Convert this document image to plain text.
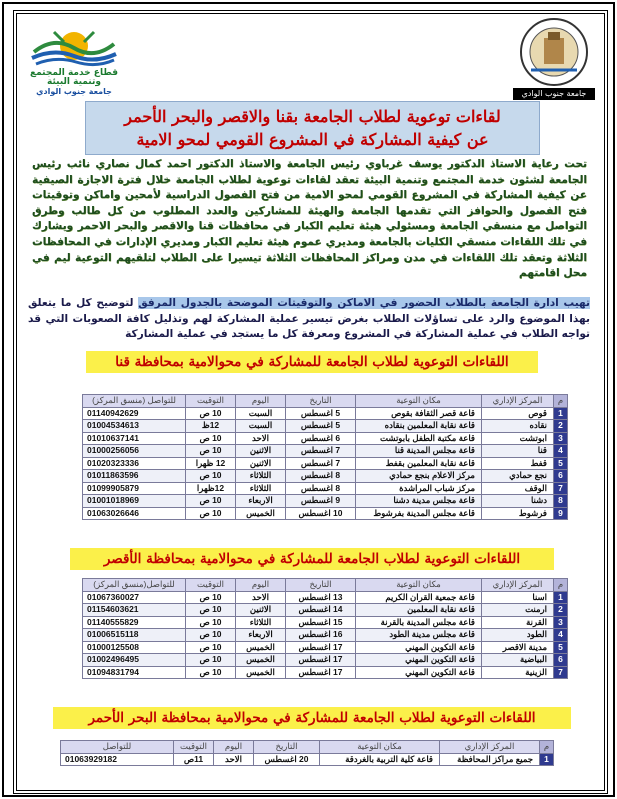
قطاع خدمة المجتمع
وتنمية البيئة
جامعة جنوب الوادي	جامعة جنوب الوادي
لقاءات توعوية لطلاب الجامعة بقنا والاقصر والبحر الأحمر
عن كيفية المشاركة في المشروع القومي لمحو الامية
تحت رعاية الاستاذ الدكتور يوسف غرباوي رئيس الجامعة والاستاذ الدكتور احمد كمال نصاري نائب رئيس الجامعة لشئون خدمة المجتمع وتنمية البيئة تعقد لقاءات توعوية لطلاب الجامعة خلال فترة الاجازة الصيفية عن كيفية المشاركة في المشروع القومي لمحو الامية من فتح الفصول الدراسية لأمحين واماكن وتوقيتات فتح الفصول والحوافز التي تقدمها الجامعة والهيئة للمشاركين والعدد المطلوب من كل طالب وطرق التواصل مع منسقي الجامعة ومسئولي هيئة تعليم الكبار في محافظات قنا والاقصر والبحر الاحمر ويشارك في تلك اللقاءات منسقي الكليات بالجامعة ومديري عموم هيئة تعليم الكبار ومديري الإدارات في المحافظات الثلاثة وتعقد تلك اللقاءات في مدن ومراكز المحافظات الثلاثة تيسيرا على الطلاب لتلقيهم التوعية ليم في محل اقامتهم
تهيب ادارة الجامعة بالطلاب الحضور في الاماكن والتوقيتات الموضحة بالجدول المرفق لتوضيح كل ما يتعلق بهذا الموضوع والرد على تساؤلات الطلاب بغرض تيسير عملية المشاركة لهم وتذليل كافة الصعوبات التي قد تواجه الطلاب في عملية المشاركة في المشروع ومعرفة كل ما يستجد في عملية المشاركة
اللقاءات التوعوية لطلاب الجامعة للمشاركة في محوالامية بمحافظة قنا
م	المركز الإداري	مكان التوعية	التاريخ	اليوم	التوقيت	للتواصل (منسق المركز)
1	قوص	قاعة قصر الثقافة بقوص	5 اغسطس	السبت	10 ص	01140942629
2	نقاده	قاعة نقابة المعلمين بنقاده	5 اغسطس	السبت	12ظ	01004534613
3	ابوتشت	قاعة مكتبة الطفل بابوتشت	6 اغسطس	الاحد	10 ص	01010637141
4	قنا	قاعة مجلس المدينة قنا	7 اغسطس	الاثنين	10 ص	01000256056
5	قفط	قاعة نقابة المعلمين بقفط	7 اغسطس	الاثنين	12 ظهرا	01020323336
6	نجع حمادي	مركز الاعلام بنجع حمادي	8 اغسطس	الثلاثاء	10 ص	01011863596
7	الوقف	مركز شباب المراشدة	8 اغسطس	الثلاثاء	12ظهرا	01099905879
8	دشنا	قاعة مجلس مدينة دشنا	9 اغسطس	الاربعاء	10 ص	01001018969
9	فرشوط	قاعة مجلس المدينة بفرشوط	10 اغسطس	الخميس	10 ص	01063026646
اللقاءات التوعوية لطلاب الجامعة للمشاركة في محوالامية بمحافظة الأقصر
م	المركز الإداري	مكان التوعية	التاريخ	اليوم	التوقيت	للتواصل(منسق المركز)
1	اسنا	قاعة جمعية القران الكريم	13 اغسطس	الاحد	10 ص	01067360027
2	ارمنت	قاعة نقابة المعلمين	14 اغسطس	الاثنين	10 ص	01154603621
3	القرنة	قاعة مجلس المدينة بالقرنة	15 اغسطس	الثلاثاء	10 ص	01140555829
4	الطود	قاعة مجلس مدينة الطود	16 اغسطس	الاربعاء	10 ص	01006515118
5	مدينة الاقصر	قاعة التكوين المهني	17 اغسطس	الخميس	10 ص	01000125508
6	البياضية	قاعة التكوين المهني	17 اغسطس	الخميس	10 ص	01002496495
7	الزينية	قاعة التكوين المهني	17 اغسطس	الخميس	10 ص	01094831794
اللقاءات التوعوية لطلاب الجامعة للمشاركة في محوالامية بمحافظة البحر الأحمر
م	المركز الإداري	مكان التوعية	التاريخ	اليوم	التوقيت	للتواصل
1	جميع مراكز المحافظة	قاعة كلية التربية بالغردقة	20 اغسطس	الاحد	11ص	01063929182
